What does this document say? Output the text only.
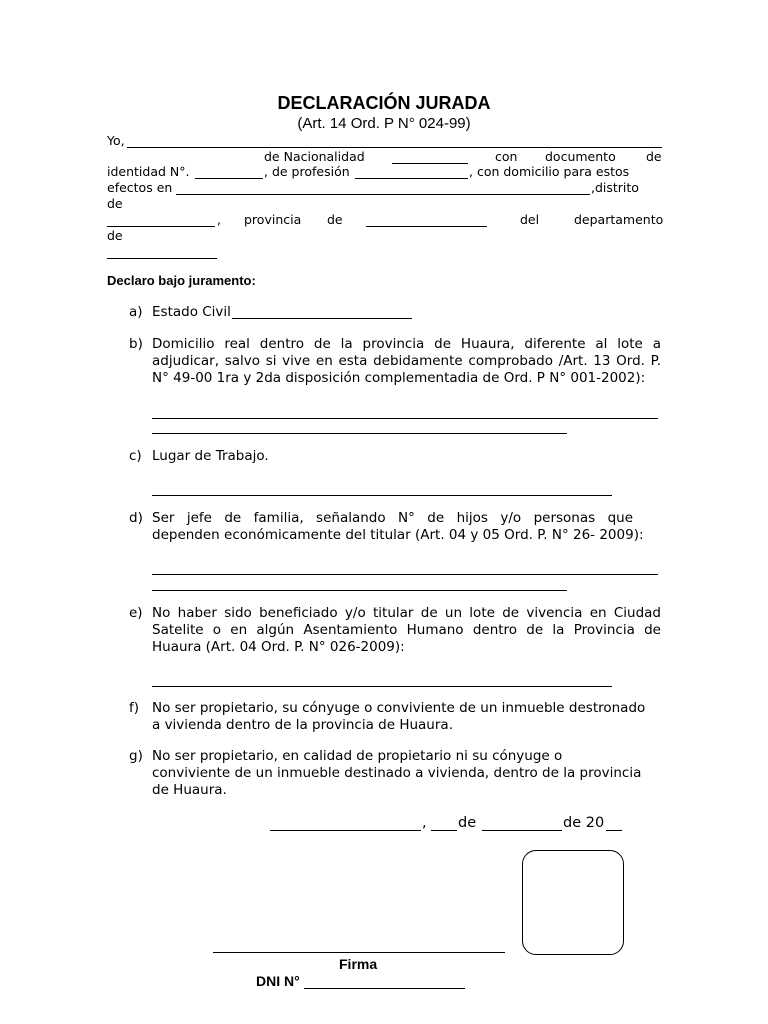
DECLARACIÓN JURADA
(Art. 14 Ord. P N° 024-99)
Yo,
de Nacionalidad	con documento de
identidad N°.	, de profesión	, con domicilio para estos
efectos en	,distrito
de
, provincia de	del	departamento
de
Declaro bajo juramento:
a) Estado Civil
b) Domicilio real dentro de la provincia de Huaura, diferente al lote a
adjudicar, salvo si vive en esta debidamente comprobado /Art. 13 Ord. P.
N° 49-00 1ra y 2da disposición complementadia de Ord. P N° 001-2002):
c) Lugar de Trabajo.
d) Ser jefe de familia, señalando N° de hijos y/o personas que
dependen económicamente del titular (Art. 04 y 05 Ord. P. N° 26- 2009):
e) No haber sido beneficiado y/o titular de un lote de vivencia en Ciudad
Satelite o en algún Asentamiento Humano dentro de la Provincia de
Huaura (Art. 04 Ord. P. N° 026-2009):
f) No ser propietario, su cónyuge o conviviente de un inmueble destronado
a vivienda dentro de la provincia de Huaura.
g) No ser propietario, en calidad de propietario ni su cónyuge o
conviviente de un inmueble destinado a vivienda, dentro de la provincia
de Huaura.
, de	de 20
Firma
DNI N°
